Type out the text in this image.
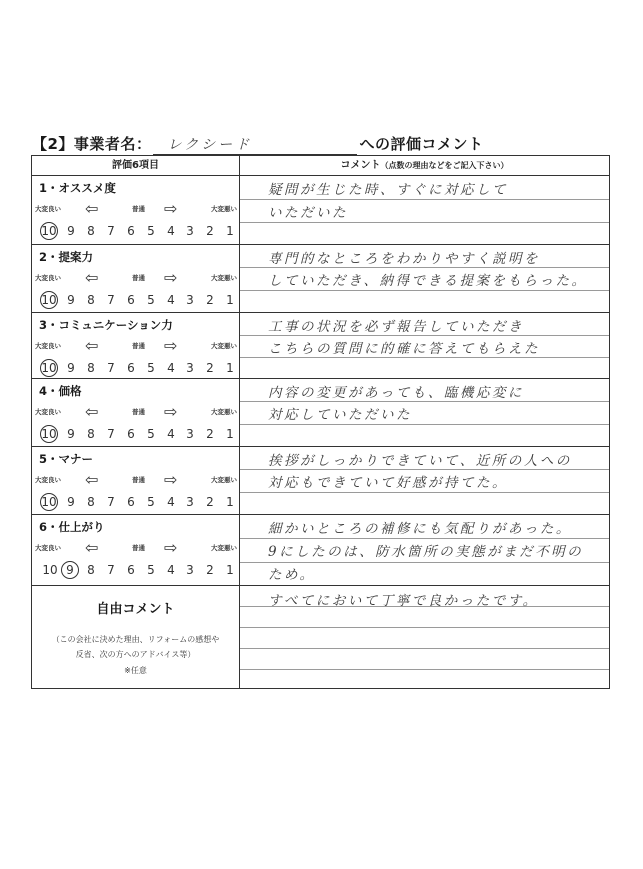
【2】事業者名： レクシード	への評価コメント
評価6項目	コメント（点数の理由などをご記入下さい）
1・オススメ度
大変良い ⇦	普通 ⇨	大変悪い
10 9	8	7	6	5	4 3	2	1
疑問が生じた時、すぐに対応して
いただいた
2・提案力
大変良い ⇦	普通 ⇨	大変悪い
10 9	8	7	6	5	4 3	2	1
専門的なところをわかりやすく説明を
していただき、納得できる提案をもらった。
3・コミュニケーション力
大変良い ⇦	普通 ⇨	大変悪い
10 9	8	7	6	5	4 3	2	1
工事の状況を必ず報告していただき
こちらの質問に的確に答えてもらえた
4・価格
大変良い ⇦	普通 ⇨	大変悪い
10 9	8	7	6	5	4 3	2	1
内容の変更があっても、臨機応変に
対応していただいた
5・マナー
大変良い ⇦	普通 ⇨	大変悪い
10 9	8	7	6	5	4 3	2	1
挨拶がしっかりできていて、近所の人への
対応もできていて好感が持てた。
6・仕上がり
大変良い ⇦	普通 ⇨	大変悪い
10 9	8	7	6	5	4 3	2	1
細かいところの補修にも気配りがあった。
9にしたのは、防水箇所の実態がまだ不明の
ため。
自由コメント
（この会社に決めた理由、リフォームの感想や
反省、次の方へのアドバイス等）
※任意
すべてにおいて丁寧で良かったです。
